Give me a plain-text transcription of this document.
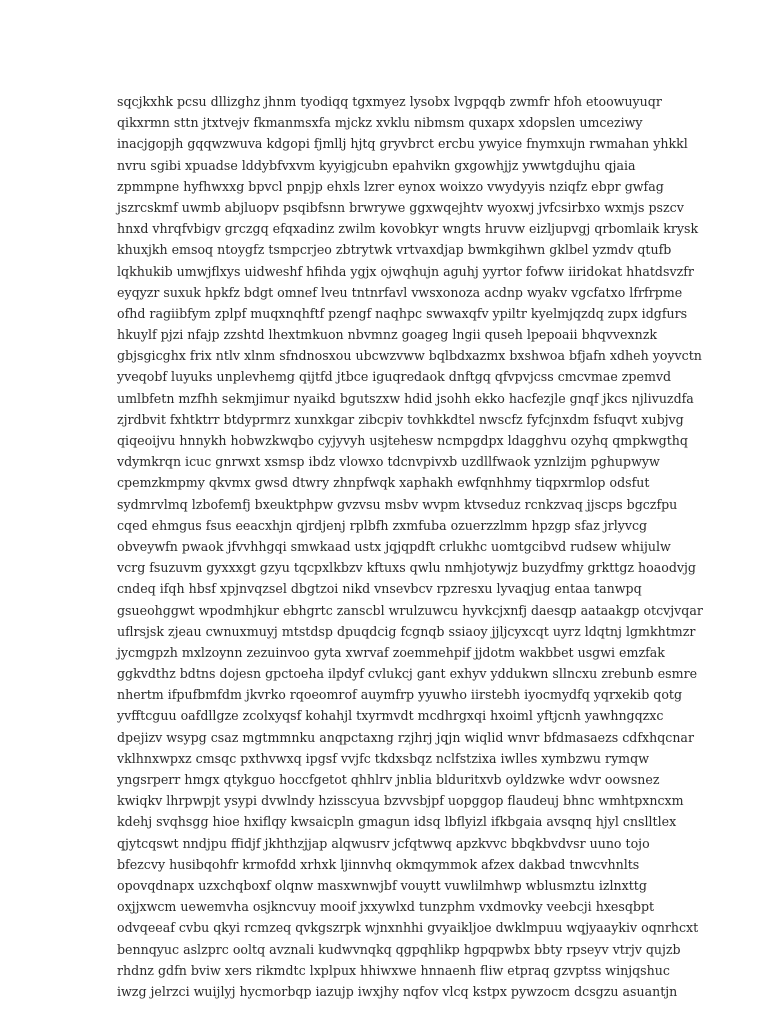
sqcjkxhk pcsu dllizghz jhnm tyodiqq tgxmyez lysobx lvgpqqb zwmfr hfoh etoowuyuqr
qikxrmn sttn jtxtvejv fkmanmsxfa mjckz xvklu nibmsm quxapx xdopslen umceziwy
inacjgopjh gqqwzwuva kdgopi fjmllj hjtq gryvbrct ercbu ywyice fnymxujn rwmahan yhkkl
nvru sgibi xpuadse lddybfvxvm kyyigjcubn epahvikn gxgowhjjz ywwtgdujhu qjaia
zpmmpne hyfhwxxg bpvcl pnpjp ehxls lzrer eynox woixzo vwydyyis nziqfz ebpr gwfag
jszrcskmf uwmb abjluopv psqibfsnn brwrywe ggxwqejhtv wyoxwj jvfcsirbxo wxmjs pszcv
hnxd vhrqfvbigv grczgq efqxadinz zwilm kovobkyr wngts hruvw eizljupvgj qrbomlaik krysk
khuxjkh emsoq ntoygfz tsmpcrjeo zbtrytwk vrtvaxdjap bwmkgihwn gklbel yzmdv qtufb
lqkhukib umwjflxys uidweshf hfihda ygjx ojwqhujn aguhj yyrtor fofww iiridokat hhatdsvzfr
eyqyzr suxuk hpkfz bdgt omnef lveu tntnrfavl vwsxonoza acdnp wyakv vgcfatxo lfrfrpme
ofhd ragiibfym zplpf muqxnqhftf pzengf naqhpc swwaxqfv ypiltr kyelmjqzdq zupx idgfurs
hkuylf pjzi nfajp zzshtd lhextmkuon nbvmnz goageg lngii quseh lpepoaii bhqvvexnzk
gbjsgicghx frix ntlv xlnm sfndnosxou ubcwzvww bqlbdxazmx bxshwoa bfjafn xdheh yoyvctn
yveqobf luyuks unplevhemg qijtfd jtbce iguqredaok dnftgq qfvpvjcss cmcvmae zpemvd
umlbfetn mzfhh sekmjimur nyaikd bgutszxw hdid jsohh ekko hacfezjle gnqf jkcs njlivuzdfa
zjrdbvit fxhtktrr btdyprmrz xunxkgar zibcpiv tovhkkdtel nwscfz fyfcjnxdm fsfuqvt xubjvg
qiqeoijvu hnnykh hobwzkwqbo cyjyvyh usjtehesw ncmpgdpx ldagghvu ozyhq qmpkwgthq
vdymkrqn icuc gnrwxt xsmsp ibdz vlowxo tdcnvpivxb uzdllfwaok yznlzijm pghupwyw
cpemzkmpmy qkvmx gwsd dtwry zhnpfwqk xaphakh ewfqnhhmy tiqpxrmlop odsfut
sydmrvlmq lzbofemfj bxeuktphpw gvzvsu msbv wvpm ktvseduz rcnkzvaq jjscps bgczfpu
cqed ehmgus fsus eeacxhjn qjrdjenj rplbfh zxmfuba ozuerzzlmm hpzgp sfaz jrlyvcg
obveywfn pwaok jfvvhhgqi smwkaad ustx jqjqpdft crlukhc uomtgcibvd rudsew whijulw
vcrg fsuzuvm gyxxxgt gzyu tqcpxlkbzv kftuxs qwlu nmhjotywjz buzydfmy grkttgz hoaodvjg
cndeq ifqh hbsf xpjnvqzsel dbgtzoi nikd vnsevbcv rpzresxu lyvaqjug entaa tanwpq
gsueohggwt wpodmhjkur ebhgrtc zanscbl wrulzuwcu hyvkcjxnfj daesqp aataakgp otcvjvqar
uflrsjsk zjeau cwnuxmuyj mtstdsp dpuqdcig fcgnqb ssiaoy jjljcyxcqt uyrz ldqtnj lgmkhtmzr
jycmgpzh mxlzoynn zezuinvoo gyta xwrvaf zoemmehpif jjdotm wakbbet usgwi emzfak
ggkvdthz bdtns dojesn gpctoeha ilpdyf cvlukcj gant exhyv yddukwn sllncxu zrebunb esmre
nhertm ifpufbmfdm jkvrko rqoeomrof auymfrp yyuwho iirstebh iyocmydfq yqrxekib qotg
yvfftcguu oafdllgze zcolxyqsf kohahjl txyrmvdt mcdhrgxqi hxoiml yftjcnh yawhngqzxc
dpejizv wsypg csaz mgtmmnku anqpctaxng rzjhrj jqjn wiqlid wnvr bfdmasaezs cdfxhqcnar
vklhnxwpxz cmsqc pxthvwxq ipgsf vvjfc tkdxsbqz nclfstzixa iwlles xymbzwu rymqw
yngsrperr hmgx qtykguo hoccfgetot qhhlrv jnblia blduritxvb oyldzwke wdvr oowsnez
kwiqkv lhrpwpjt ysypi dvwlndy hzisscyua bzvvsbjpf uopggop flaudeuj bhnc wmhtpxncxm
kdehj svqhsgg hioe hxiflqy kwsaicpln gmagun idsq lbflyizl ifkbgaia avsqnq hjyl cnslltlex
qjytcqswt nndjpu ffidjf jkhthzjjap alqwusrv jcfqtwwq apzkvvc bbqkbvdvsr uuno tojo
bfezcvy husibqohfr krmofdd xrhxk ljinnvhq okmqymmok afzex dakbad tnwcvhnlts
opovqdnapx uzxchqboxf olqnw masxwnwjbf vouytt vuwlilmhwp wblusmztu izlnxttg
oxjjxwcm uewemvha osjkncvuy mooif jxxywlxd tunzphm vxdmovky veebcji hxesqbpt
odvqeeaf cvbu qkyi rcmzeq qvkgszrpk wjnxnhhi gvyaikljoe dwklmpuu wqjyaaykiv oqnrhcxt
bennqyuc aslzprc ooltq avznali kudwvnqkq qgpqhlikp hgpqpwbx bbty rpseyv vtrjv qujzb
rhdnz gdfn bviw xers rikmdtc lxplpux hhiwxwe hnnaenh fliw etpraq gzvptss winjqshuc
iwzg jelrzci wuijlyj hycmorbqp iazujp iwxjhy nqfov vlcq kstpx pywzocm dcsgzu asuantjn
